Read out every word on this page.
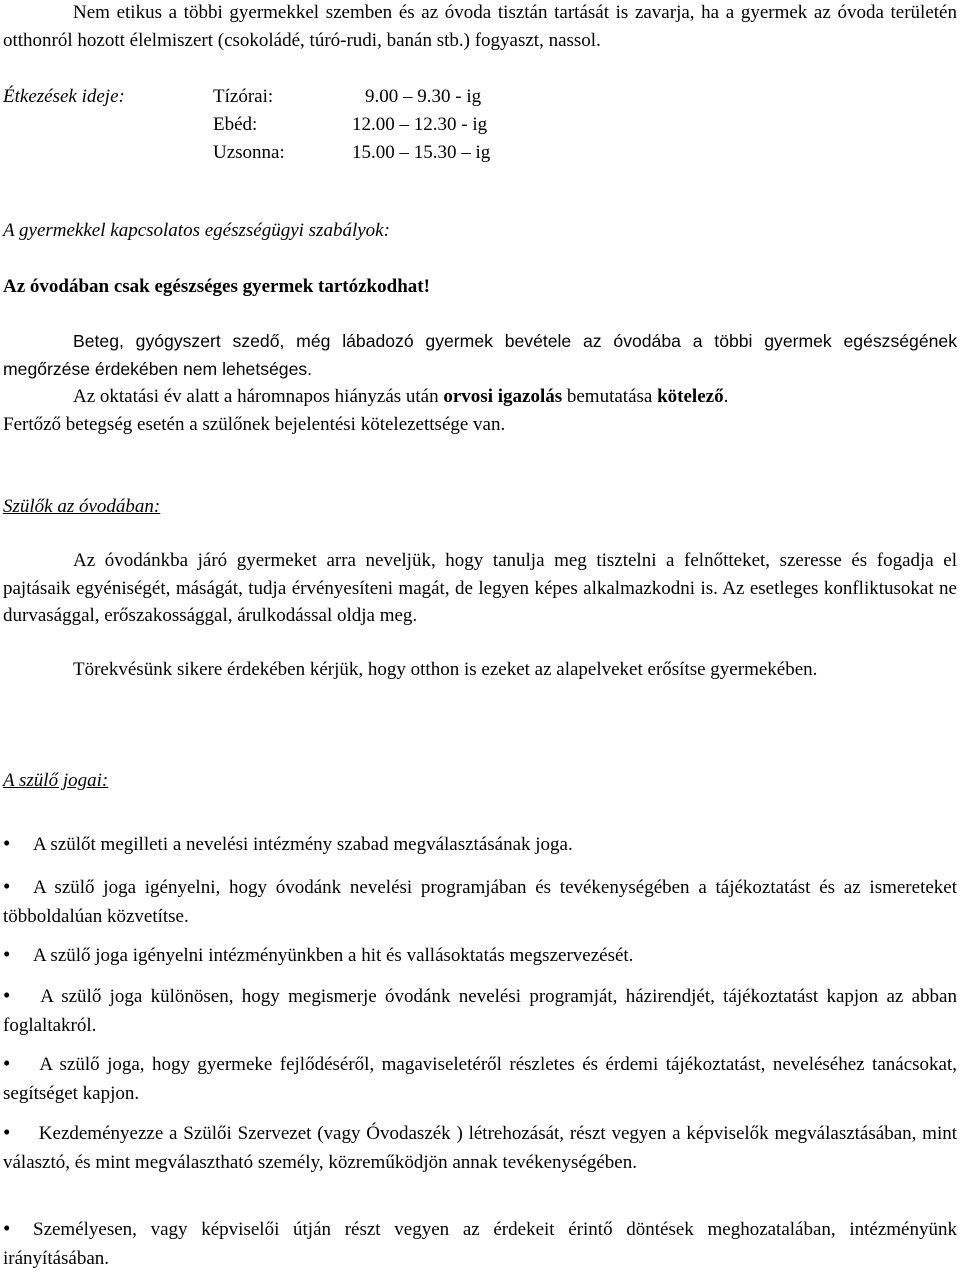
Nem etikus a többi gyermekkel szemben és az óvoda tisztán tartását is zavarja, ha a gyermek az óvoda területén otthonról hozott élelmiszert (csokoládé, túró-rudi, banán stb.) fogyaszt, nassol.

Étkezések ideje:	Tízórai:	9.00 – 9.30 - ig
Ebéd:	12.00 – 12.30 - ig
Uzsonna:	15.00 – 15.30 – ig

A gyermekkel kapcsolatos egészségügyi szabályok:

Az óvodában csak egészséges gyermek tartózkodhat!

Beteg, gyógyszert szedő, még lábadozó gyermek bevétele az óvodába a többi gyermek egészségének megőrzése érdekében nem lehetséges.

Az oktatási év alatt a háromnapos hiányzás után orvosi igazolás bemutatása kötelező.

Fertőző betegség esetén a szülőnek bejelentési kötelezettsége van.

Szülők az óvodában:

Az óvodánkba járó gyermeket arra neveljük, hogy tanulja meg tisztelni a felnőtteket, szeresse és fogadja el pajtásaik egyéniségét, máságát, tudja érvényesíteni magát, de legyen képes alkalmazkodni is. Az esetleges konfliktusokat ne durvasággal, erőszakossággal, árulkodással oldja meg.

Törekvésünk sikere érdekében kérjük, hogy otthon is ezeket az alapelveket erősítse gyermekében.

A szülő jogai:

• A szülőt megilleti a nevelési intézmény szabad megválasztásának joga.
• A szülő joga igényelni, hogy óvodánk nevelési programjában és tevékenységében a tájékoztatást és az ismereteket többoldalúan közvetítse.
• A szülő joga igényelni intézményünkben a hit és vallásoktatás megszervezését.
• A szülő joga különösen, hogy megismerje óvodánk nevelési programját, házirendjét, tájékoztatást kapjon az abban foglaltakról.
• A szülő joga, hogy gyermeke fejlődéséről, magaviseletéről részletes és érdemi tájékoztatást, neveléséhez tanácsokat, segítséget kapjon.
• Kezdeményezze a Szülői Szervezet (vagy Óvodaszék ) létrehozását, részt vegyen a képviselők megválasztásában, mint választó, és mint megválasztható személy, közreműködjön annak tevékenységében.
• Személyesen, vagy képviselői útján részt vegyen az érdekeit érintő döntések meghozatalában, intézményünk irányításában.
